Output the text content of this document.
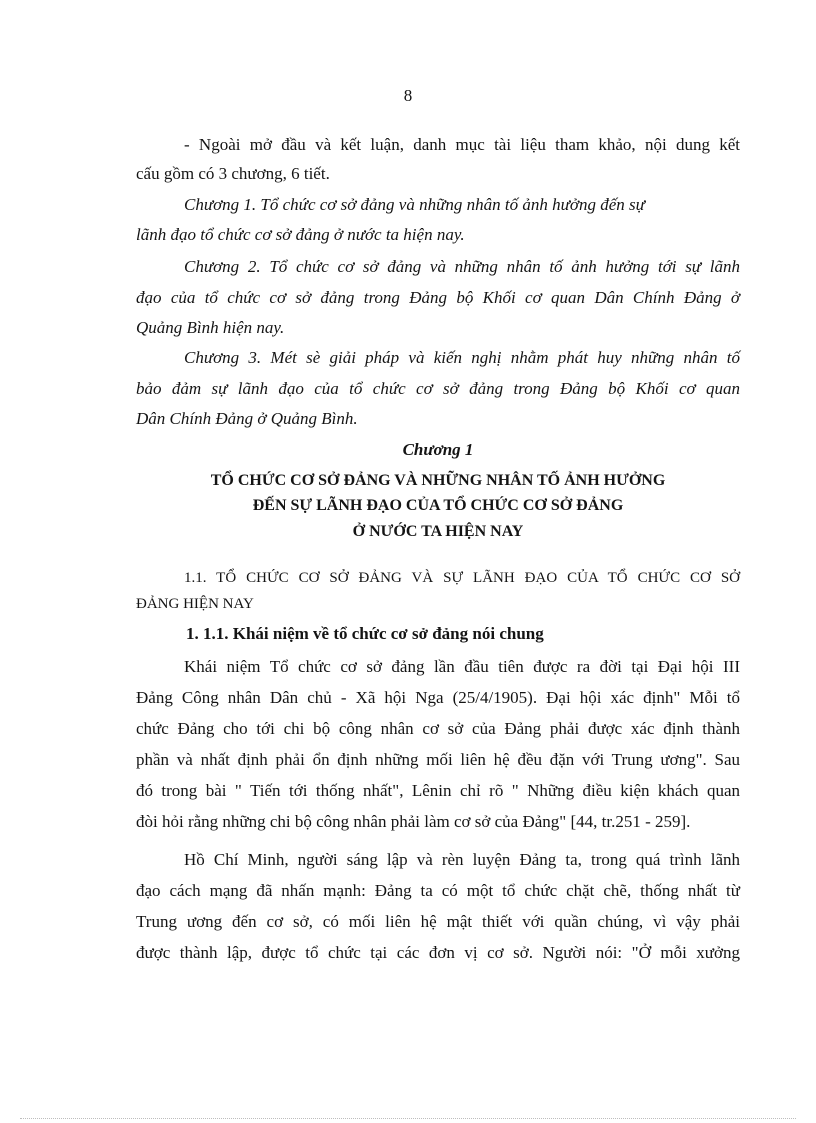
8
- Ngoài mở đầu và kết luận, danh mục tài liệu tham khảo, nội dung kết
cấu gồm có 3 chương, 6 tiết.
Chương 1. Tổ chức cơ sở đảng và những nhân tố ảnh hưởng đến sự
lãnh đạo tổ chức cơ sở đảng ở nước ta hiện nay.
Chương 2. Tổ chức cơ sở đảng và những nhân tố ảnh hưởng tới sự lãnh
đạo của tổ chức cơ sở đảng trong Đảng bộ Khối cơ quan Dân Chính Đảng ở
Quảng Bình hiện nay.
Chương 3. Mét sè giải pháp và kiến nghị nhằm phát huy những nhân tố
bảo đảm sự lãnh đạo của tổ chức cơ sở đảng trong Đảng bộ Khối cơ quan
Dân Chính Đảng ở Quảng Bình.
Chương 1
TỔ CHỨC CƠ SỞ ĐẢNG VÀ NHỮNG NHÂN TỐ ẢNH HƯỞNG
ĐẾN SỰ LÃNH ĐẠO CỦA TỔ CHỨC CƠ SỞ ĐẢNG
Ở NƯỚC TA HIỆN NAY
1.1. TỔ CHỨC CƠ SỞ ĐẢNG VÀ SỰ LÃNH ĐẠO CỦA TỔ CHỨC CƠ SỞ
ĐẢNG HIỆN NAY
1. 1.1. Khái niệm về tổ chức cơ sở đảng nói chung
Khái niệm Tổ chức cơ sở đảng lần đầu tiên được ra đời tại Đại hội III
Đảng Công nhân Dân chủ - Xã hội Nga (25/4/1905). Đại hội xác định" Mỗi tổ
chức Đảng cho tới chi bộ công nhân cơ sở của Đảng phải được xác định thành
phần và nhất định phải ổn định những mối liên hệ đều đặn với Trung ương". Sau
đó trong bài " Tiến tới thống nhất", Lênin chỉ rõ " Những điều kiện khách quan
đòi hỏi rằng những chi bộ công nhân phải làm cơ sở của Đảng" [44, tr.251 - 259].
Hồ Chí Minh, người sáng lập và rèn luyện Đảng ta, trong quá trình lãnh
đạo cách mạng đã nhấn mạnh: Đảng ta có một tổ chức chặt chẽ, thống nhất từ
Trung ương đến cơ sở, có mối liên hệ mật thiết với quần chúng, vì vậy phải
được thành lập, được tổ chức tại các đơn vị cơ sở. Người nói: "Ở mỗi xưởng
